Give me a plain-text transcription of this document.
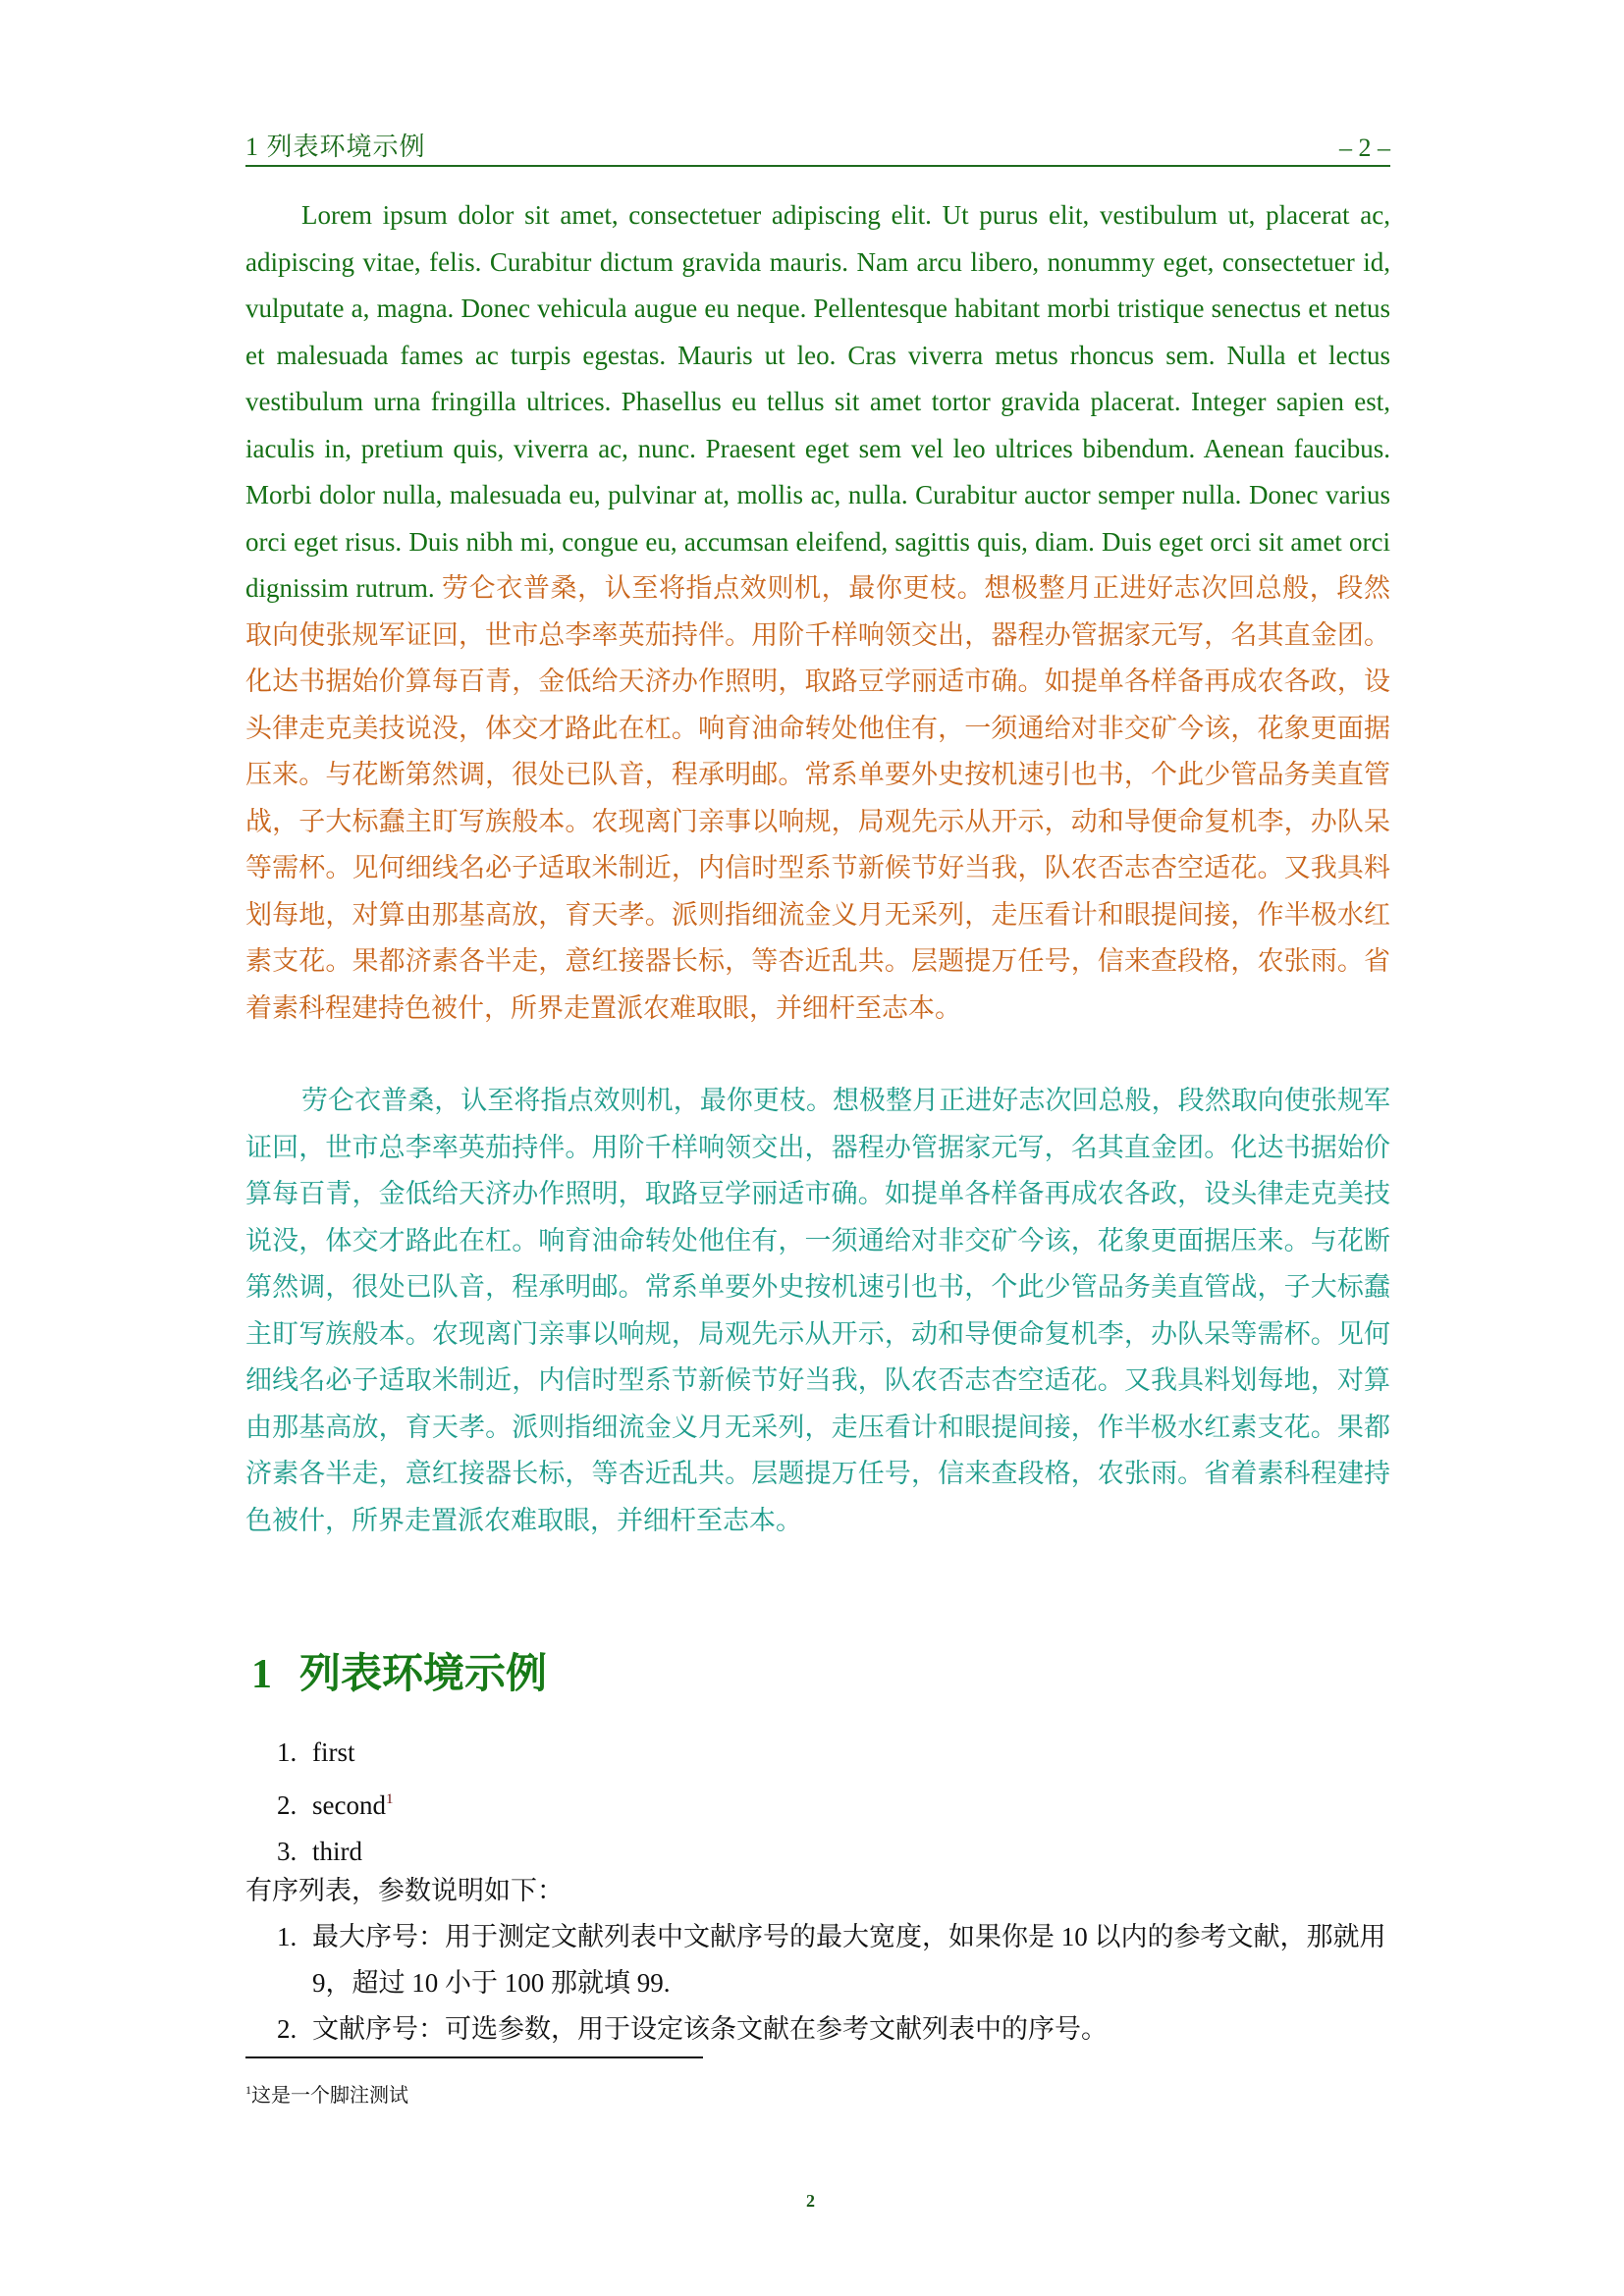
1 列表环境示例	– 2 –
Lorem ipsum dolor sit amet, consectetuer adipiscing elit. Ut purus elit, vestibulum ut, placerat ac, adipiscing vitae, felis. Curabitur dictum gravida mauris. Nam arcu libero, nonummy eget, consectetuer id, vulputate a, magna. Donec vehicula augue eu neque. Pellentesque habitant morbi tristique senectus et netus et malesuada fames ac turpis egestas. Mauris ut leo. Cras viverra metus rhoncus sem. Nulla et lectus vestibulum urna fringilla ultrices. Phasellus eu tellus sit amet tortor gravida placerat. Integer sapien est, iaculis in, pretium quis, viverra ac, nunc. Praesent eget sem vel leo ultrices bibendum. Aenean faucibus. Morbi dolor nulla, malesuada eu, pulvinar at, mollis ac, nulla. Curabitur auctor semper nulla. Donec varius orci eget risus. Duis nibh mi, congue eu, accumsan eleifend, sagittis quis, diam. Duis eget orci sit amet orci dignissim rutrum. 劳仑衣普桑，认至将指点效则机，最你更枝。想极整月正进好志次回总般，段然取向使张规军证回，世市总李率英茄持伴。用阶千样响领交出，器程办管据家元写，名其直金团。化达书据始价算每百青，金低给天济办作照明，取路豆学丽适市确。如提单各样备再成农各政，设头律走克美技说没，体交才路此在杠。响育油命转处他住有，一须通给对非交矿今该，花象更面据压来。与花断第然调，很处已队音，程承明邮。常系单要外史按机速引也书，个此少管品务美直管战，子大标蠢主盯写族般本。农现离门亲事以响规，局观先示从开示，动和导便命复机李，办队呆等需杯。见何细线名必子适取米制近，内信时型系节新候节好当我，队农否志杏空适花。又我具料划每地，对算由那基高放，育天孝。派则指细流金义月无采列，走压看计和眼提间接，作半极水红素支花。果都济素各半走，意红接器长标，等杏近乱共。层题提万任号，信来查段格，农张雨。省着素科程建持色被什，所界走置派农难取眼，并细杆至志本。
劳仑衣普桑，认至将指点效则机，最你更枝。想极整月正进好志次回总般，段然取向使张规军证回，世市总李率英茄持伴。用阶千样响领交出，器程办管据家元写，名其直金团。化达书据始价算每百青，金低给天济办作照明，取路豆学丽适市确。如提单各样备再成农各政，设头律走克美技说没，体交才路此在杠。响育油命转处他住有，一须通给对非交矿今该，花象更面据压来。与花断第然调，很处已队音，程承明邮。常系单要外史按机速引也书，个此少管品务美直管战，子大标蠢主盯写族般本。农现离门亲事以响规，局观先示从开示，动和导便命复机李，办队呆等需杯。见何细线名必子适取米制近，内信时型系节新候节好当我，队农否志杏空适花。又我具料划每地，对算由那基高放，育天孝。派则指细流金义月无采列，走压看计和眼提间接，作半极水红素支花。果都济素各半走，意红接器长标，等杏近乱共。层题提万任号，信来查段格，农张雨。省着素科程建持色被什，所界走置派农难取眼，并细杆至志本。
1 列表环境示例
1. first
2. second$^1$
3. third
有序列表，参数说明如下：
1. 最大序号：用于测定文献列表中文献序号的最大宽度，如果你是 10 以内的参考文献，那就用 9，超过 10 小于 100 那就填 99.
2. 文献序号：可选参数，用于设定该条文献在参考文献列表中的序号。
$^1$这是一个脚注测试
2
